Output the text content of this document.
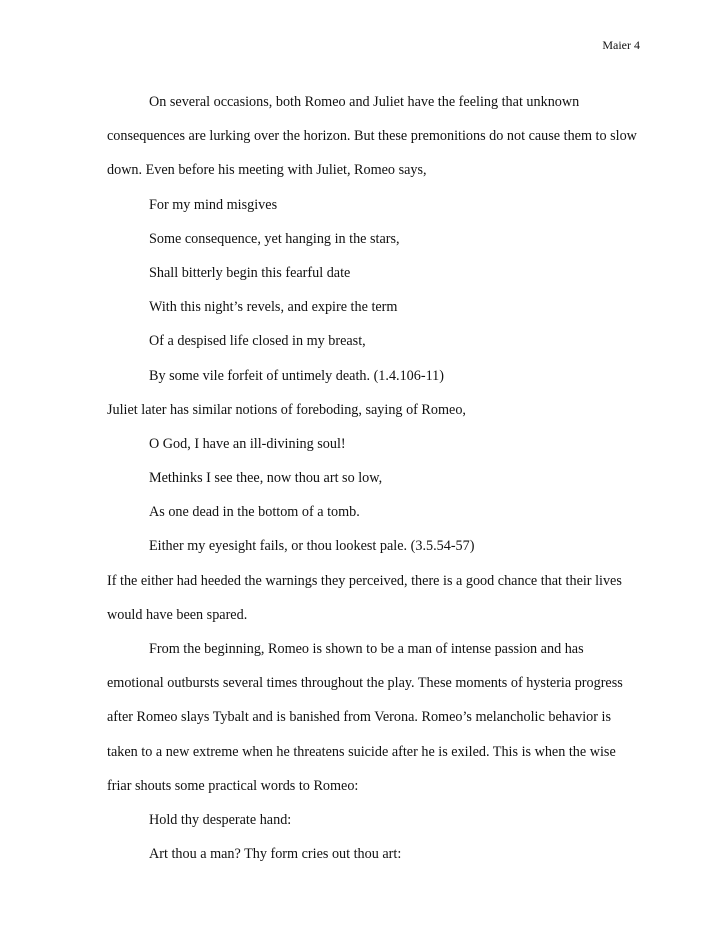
Maier 4
On several occasions, both Romeo and Juliet have the feeling that unknown
consequences are lurking over the horizon. But these premonitions do not cause them to slow
down. Even before his meeting with Juliet, Romeo says,
For my mind misgives
Some consequence, yet hanging in the stars,
Shall bitterly begin this fearful date
With this night’s revels, and expire the term
Of a despised life closed in my breast,
By some vile forfeit of untimely death. (1.4.106-11)
Juliet later has similar notions of foreboding, saying of Romeo,
O God, I have an ill-divining soul!
Methinks I see thee, now thou art so low,
As one dead in the bottom of a tomb.
Either my eyesight fails, or thou lookest pale. (3.5.54-57)
If the either had heeded the warnings they perceived, there is a good chance that their lives
would have been spared.
From the beginning, Romeo is shown to be a man of intense passion and has
emotional outbursts several times throughout the play. These moments of hysteria progress
after Romeo slays Tybalt and is banished from Verona. Romeo’s melancholic behavior is
taken to a new extreme when he threatens suicide after he is exiled. This is when the wise
friar shouts some practical words to Romeo:
Hold thy desperate hand:
Art thou a man? Thy form cries out thou art:
